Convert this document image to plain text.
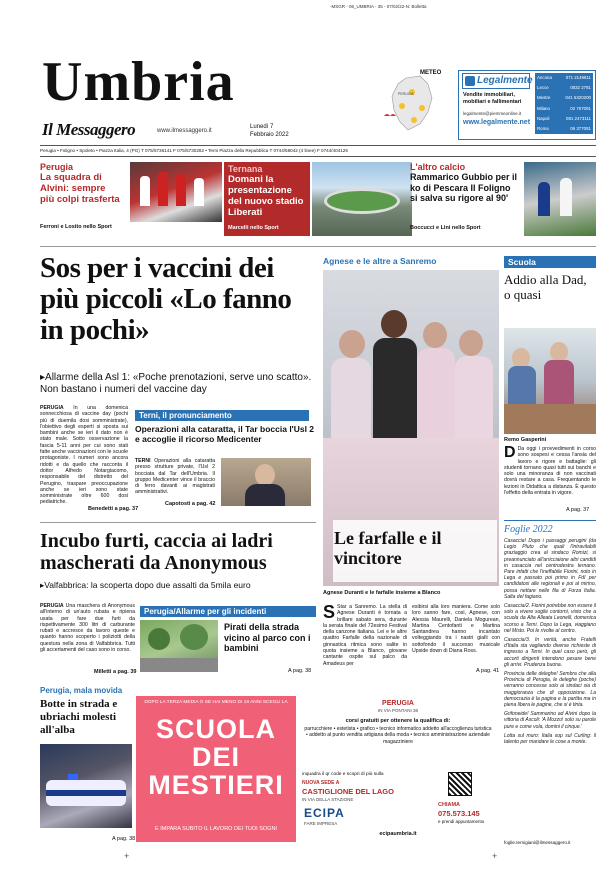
-MSGR - 06_UMBRIA - 35 - 07/02/22-N: Bolletta
Umbria
Il Messaggero	www.ilmessaggero.it
Lunedì 7
Febbraio 2022
METEO
PERUGIA
Legalmente
Vendite immobiliari,
mobiliari e fallimentari
legalmente@piemmeonline.it
www.legalmente.net
Ancona	071 2149811
Lecce	0832 2781
Mestre	041 5320200
Milano	02 757091
Napoli	081 2473111
Roma	06 377081
Perugia • Foligno • Spoleto • Piazza Italia, 4 (PG) T 075/5736141 F 075/5730282 • Terni Piazza della Repubblica T 0744/58042 (4 linee) F 0744/404126
Perugia
La squadra di Alvini: sempre più colpi trasferta
Ferroni e Losito nello Sport
Ternana
Domani la presentazione del nuovo stadio Liberati
Marcelli nello Sport
L'altro calcio
Rammarico Gubbio per il ko di Pescara Il Foligno si salva su rigore al 90'
Boccucci e Lini nello Sport
Sos per i vaccini dei più piccoli «Lo fanno in pochi»
▸Allarme della Asl 1: «Poche prenotazioni, serve uno scatto». Non bastano i numeri del vaccine day
PERUGIA In una domenica sonnecchiosa di vaccine day (pochi più di duemila dosi somministrate), l'obiettivo degli esperti si sposta sui bambini anche se ieri il dato non è stato male. Sotto osservazione la fascia 5-11 anni per cui sono stati fatte anche vaccinazioni con le scuole protagoniste. I numeri sono ancora ridotti e da quello che racconta il dottor Alfredo Notargiacomo, responsabile del distretto del Perugino, traspare preoccupazione anche se ieri sono state somministrate oltre 600 dosi pediatriche.
Benedetti a pag. 37
Terni, il pronunciamento
Operazioni alla cataratta, il Tar boccia l'Usl 2 e accoglie il ricorso Medicenter
TERNI Operazioni alla cataratta presso strutture private, l'Usl 2 bocciata dal Tar dell'Umbria. Il gruppo Medicenter vince il braccio di ferro davanti ai magistrati amministrativi.
Capotosti a pag. 42
Incubo furti, caccia ai ladri mascherati da Anonymous
▸Valfabbrica: la scoperta dopo due assalti da 5mila euro
PERUGIA Una maschera di Anonymous all'interno di un'auto rubata e ripiena usata per fare due furti da rispettivamente 300 litri di carburante rubati e accresce da lavoro queste e quanto hanno scoperto i poliziotti della questura nella zona di Valfabbrica. Tutti gli accertamenti del caso sono in corso.
Milletti a pag. 39
Perugia/Allarme per gli incidenti
Pirati della strada vicino al parco con i bambini
A pag. 38
Perugia, mala movida
Botte in strada e ubriachi molesti all'alba
A pag. 38
Agnese e le altre a Sanremo
Le farfalle e il vincitore
Agnese Duranti e le farfalle insieme a Blanco
S Star a Sanremo. La stella di Agnese Duranti è tornata a brillare sabato sera, durante la serata finale del 72esimo Festival della canzone italiana. Lei e le altre quattro Farfalle della nazionale di ginnastica ritmica sono salite in quota insieme a Blanco, giovane cantante ospite sul palco da Amadeus per
esibirsi alla loro maniera. Come solo loro sanno fare, così, Agnese, con Alessia Maurelli, Daniela Mogurean, Martina Centofanti e Martina Santandrea hanno incantato volteggiando tra i nastri gialli con sottofondo il successo musicale Upside down di Diana Ross.
A pag. 41
Scuola
Addio alla Dad, o quasi
Remo Gasperini
D Da oggi i provvedimenti in corso sono sospesi e cessa l'ansia del lavoro e rigore e battaglie: gli studenti tornano quasi tutti sui banchi e solo una minoranza di non vaccinati dovrà restare a casa. Frequentando le lezioni in Didattica a distanza. È questo l'effetto della entrata in vigore.
A pag. 37
Foglie 2022

Casaccia! Dopo i passaggi perugini (da Legio Pluto che quali l'intravitabili graziaggio crea al sindaco Romizi, si preannunciato all'arricciaione altri candidi in casaccia nel centrodestra ternano. Pare infatti che l'ineffabile Fiorini, noto in Lega e passato poi primo in FdI per candidatosi alle regionali e poi al mirino, possa nettare nelle fila di Forza Italia. Salta del fagiano.

Casaccia/2. Fiorini potrebbe non essere il solo a vivere soglie contorni, visto che a scuola da Alta Alleata Leonelli, domenica scorso a Terni. Dopo la Lega, viaggiano nel Misto. Poi le rivolte al centro.

Casaccia/3. In verità, anche Fratelli d'Italia sta vagliando diverse richieste di ingresso a Terni. In quel caso però, gli accorti dirigenti intendono pesare bene gli arrivi. Prudenza buona.

Provincia delle deleghe! Sembra che alla Provincia di Perugia, le deleghe (poche) verranno concesse solo ai sindaci sia di maggioranza che di opposizione. La democrazia è la pagina e la partita ma in piena libera le pagine, che si è tinta.

Grifoneide! Sammarino ad Alvini dopo la vittoria di Ascoli: 'A Mozzo! solo su parole pure e come vola, domini il cinque.'

Lotta sul muro: Italia sop sul Curling: il talento per mandare le cose a monte.

foglie.ternigiani@ilmessaggero.it
DOPO LA TERZA MEDIA O SE HAI MENO DI 18 ANNI SCEGLI LA
SCUOLA
DEI
MESTIERI
E IMPARA SUBITO IL LAVORO DEI TUOI SOGNI
PERUGIA
IN VIA PONTANI 36
corsi gratuiti per ottenere la qualifica di:
parrucchiere • estetista • grafico • tecnico informatico addetto all'accoglienza turistica • addetto al punto vendita artigiana della moda • tecnico amministrazione aziendale magazziniere
inquadra il qr code e scopri di più sulla
NUOVA SEDE A
CASTIGLIONE DEL LAGO
IN VIA DELLA STAZIONE
ECIPA
FARE IMPRESA
CHIAMA
075.573.145
e prendi appuntamento
ecipaumbria.it
+	+
